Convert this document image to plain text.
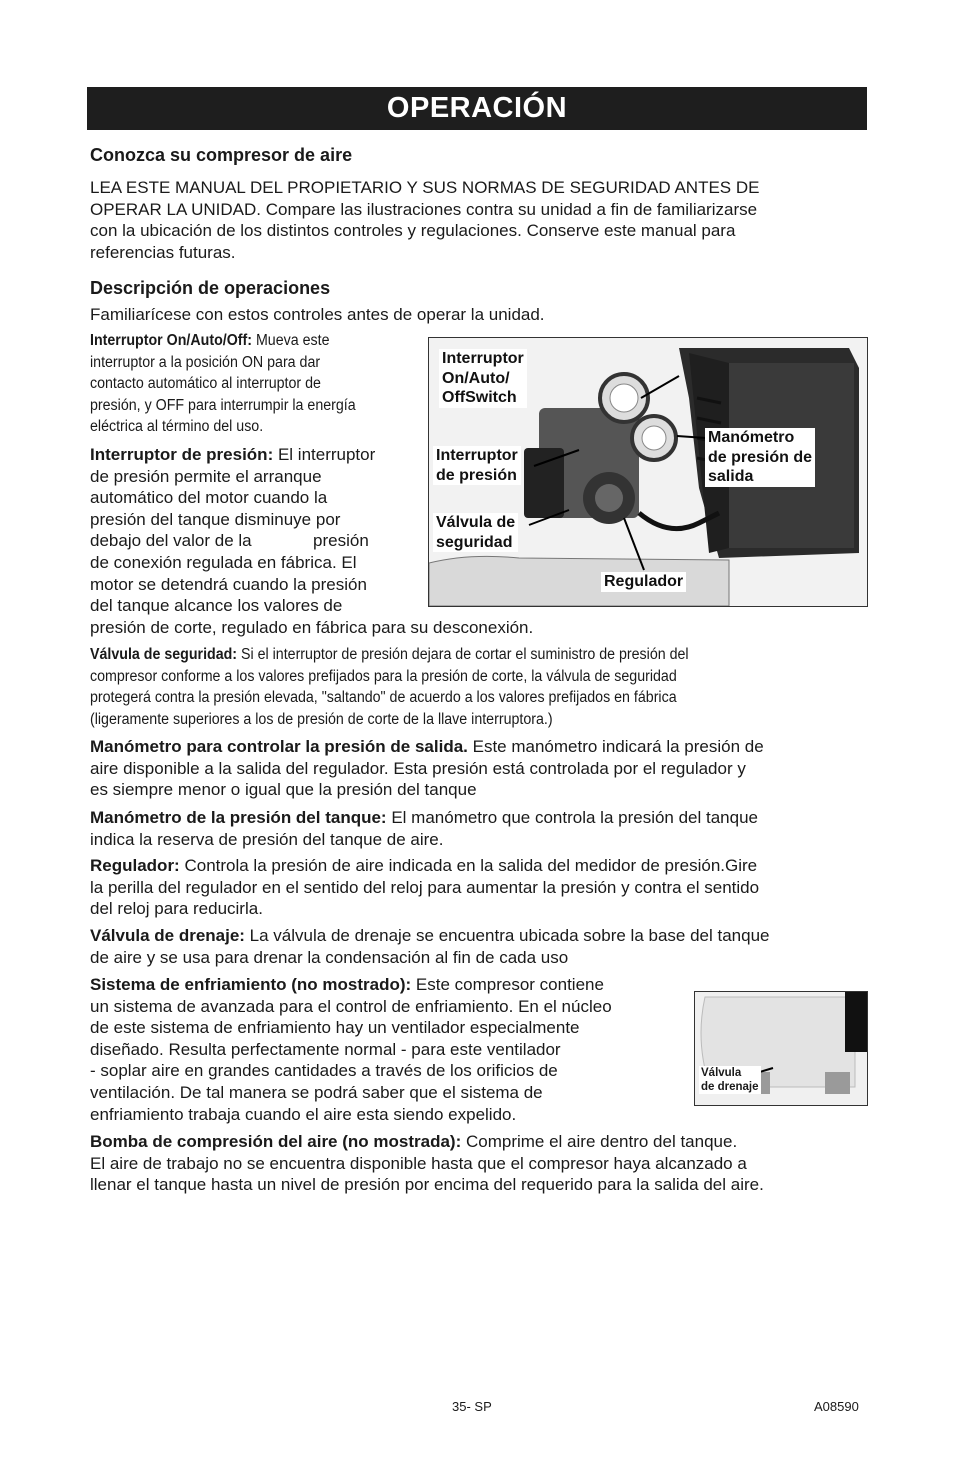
OPERACIÓN
Conozca su compresor de aire
LEA ESTE MANUAL DEL PROPIETARIO Y SUS NORMAS DE SEGURIDAD ANTES DE
OPERAR LA UNIDAD. Compare las ilustraciones contra su unidad a fin de familiarizarse
con la ubicación de los distintos controles y regulaciones. Conserve este manual para
referencias futuras.
Descripción de operaciones
Familiarícese con estos controles antes de operar la unidad.
Interruptor On/Auto/Off: Mueva este
interruptor a la posición ON para dar
contacto automático al interruptor de
presión, y OFF para interrumpir la energía
eléctrica al término del uso.
Interruptor de presión: El interruptor
de presión permite el arranque
automático del motor cuando la
presión del tanque disminuye por
debajo del valor de la             presión
de conexión regulada en fábrica. El
motor se detendrá cuando la presión
del tanque alcance los valores de
presión de corte, regulado en fábrica para su desconexión.
Interruptor
On/Auto/
OffSwitch
Interruptor
de presión
Válvula de
seguridad
Manómetro
de presión de
salida
Regulador
Válvula de seguridad: Si el interruptor de presión dejara de cortar el suministro de presión del
compresor conforme a los valores prefijados para la presión de corte, la válvula de seguridad
protegerá contra la presión elevada, "saltando" de acuerdo a los valores prefijados en fábrica
(ligeramente superiores a los de presión de corte de la llave interruptora.)
Manómetro para controlar la presión de salida. Este manómetro indicará la presión de
aire disponible a la salida del regulador. Esta presión está controlada por el regulador y
es siempre menor o igual que la presión del tanque
Manómetro de la presión del tanque: El manómetro que controla la presión del tanque
indica la reserva de presión del tanque de aire.
Regulador: Controla la presión de aire indicada en la salida del medidor de presión.Gire
la perilla del regulador en el sentido del reloj para aumentar la presión y contra el sentido
del reloj para reducirla.
Válvula de drenaje: La válvula de drenaje se encuentra ubicada sobre la base del tanque
de aire y se usa para drenar la condensación al fin de cada uso
Sistema de enfriamiento (no mostrado): Este compresor contiene
un sistema de avanzada para el control de enfriamiento. En el núcleo
de este sistema de enfriamiento hay un ventilador especialmente
diseñado. Resulta perfectamente normal - para este ventilador
- soplar aire en grandes cantidades a través de los orificios de
ventilación. De tal manera se podrá saber que el sistema de
enfriamiento trabaja cuando el aire esta siendo expelido.
Válvula
de drenaje
Bomba de compresión del aire (no mostrada): Comprime el aire dentro del tanque.
El aire de trabajo no se encuentra disponible hasta que el compresor haya alcanzado a
llenar el tanque hasta un nivel de presión por encima del requerido para la salida del aire.
35- SP	A08590
